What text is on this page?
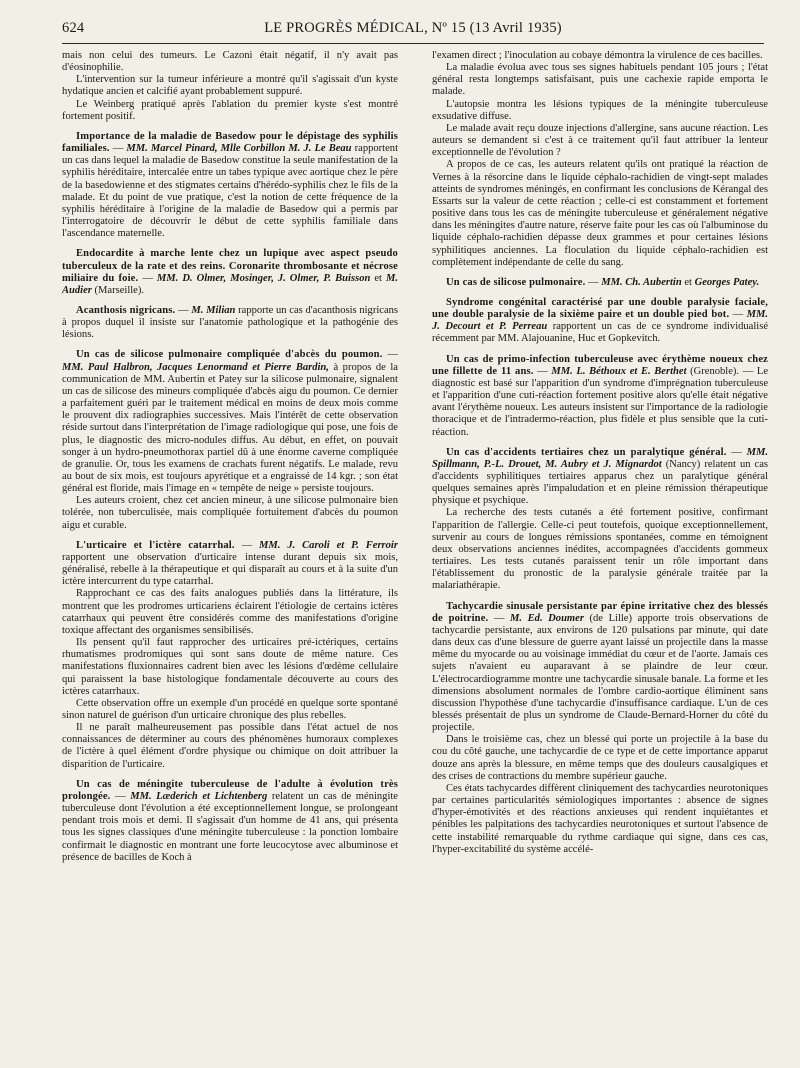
624	LE PROGRÈS MÉDICAL, Nº 15 (13 Avril 1935)

mais non celui des tumeurs. Le Cazoni était négatif, il n'y avait pas d'éosinophilie.

L'intervention sur la tumeur inférieure a montré qu'il s'agissait d'un kyste hydatique ancien et calcifié ayant probablement suppuré.

Le Weinberg pratiqué après l'ablation du premier kyste s'est montré fortement positif.

Importance de la maladie de Basedow pour le dépistage des syphilis familiales. — MM. Marcel Pinard, Mlle Corbillon M. J. Le Beau rapportent un cas dans lequel la maladie de Basedow constitue la seule manifestation de la syphilis héréditaire, intercalée entre un tabes typique avec aortique chez le père de la basedowienne et des stigmates certains d'hérédo-syphilis chez le fils de la malade. Et du point de vue pratique, c'est la notion de cette fréquence de la syphilis héréditaire à l'origine de la maladie de Basedow qui a permis par l'interrogatoire de découvrir le début de cette syphilis familiale dans l'ascendance maternelle.

Endocardite à marche lente chez un lupique avec aspect pseudo tuberculeux de la rate et des reins. Coronarite thrombosante et nécrose miliaire du foie. — MM. D. Olmer, Mosinger, J. Olmer, P. Buisson et M. Audier (Marseille).

Acanthosis nigricans. — M. Milian rapporte un cas d'acanthosis nigricans à propos duquel il insiste sur l'anatomie pathologique et la pathogénie des lésions.

Un cas de silicose pulmonaire compliquée d'abcès du poumon. — MM. Paul Halbron, Jacques Lenormand et Pierre Bardin, à propos de la communication de MM. Aubertin et Patey sur la silicose pulmonaire, signalent un cas de silicose des mineurs compliquée d'abcès aigu du poumon. Ce dernier a parfaitement guéri par le traitement médical en moins de deux mois comme le prouvent dix radiographies successives. Mais l'intérêt de cette observation réside surtout dans l'interprétation de l'image radiologique qui pose, une fois de plus, le diagnostic des micro-nodules diffus. Au début, en effet, on pouvait songer à un hydro-pneumothorax partiel dû à une énorme caverne compliquée de granulie. Or, tous les examens de crachats furent négatifs. Le malade, revu au bout de six mois, est toujours apyrétique et a engraissé de 14 kgr. ; son état général est floride, mais l'image en « tempête de neige » persiste toujours.

Les auteurs croient, chez cet ancien mineur, à une silicose pulmonaire bien tolérée, non tuberculisée, mais compliquée fortuitement d'abcès du poumon aigu et curable.

L'urticaire et l'ictère catarrhal. — MM. J. Caroli et P. Ferroir rapportent une observation d'urticaire intense durant depuis six mois, généralisé, rebelle à la thérapeutique et qui disparaît au cours et à la suite d'un ictère intercurrent du type catarrhal.

Rapprochant ce cas des faits analogues publiés dans la littérature, ils montrent que les prodromes urticariens éclairent l'étiologie de certains ictères catarrhaux qui peuvent être considérés comme des manifestations d'origine toxique affectant des organismes sensibilisés.

Ils pensent qu'il faut rapprocher des urticaires pré-ictériques, certains rhumatismes prodromiques qui sont sans doute de même nature. Ces manifestations fluxionnaires cadrent bien avec les lésions d'œdème cellulaire qui paraissent la base histologique fondamentale découverte au cours des ictères catarrhaux.

Cette observation offre un exemple d'un procédé en quelque sorte spontané sinon naturel de guérison d'un urticaire chronique des plus rebelles.

Il ne paraît malheureusement pas possible dans l'état actuel de nos connaissances de déterminer au cours des phénomènes humoraux complexes de l'ictère à quel élément d'ordre physique ou chimique on doit attribuer la disparition de l'urticaire.

Un cas de méningite tuberculeuse de l'adulte à évolution très prolongée. — MM. Læderich et Lichtenberg relatent un cas de méningite tuberculeuse dont l'évolution a été exceptionnellement longue, se prolongeant pendant trois mois et demi. Il s'agissait d'un homme de 41 ans, qui présenta tous les signes classiques d'une méningite tuberculeuse : la ponction lombaire confirmait le diagnostic en montrant une forte leucocytose avec albuminose et présence de bacilles de Koch à

l'examen direct ; l'inoculation au cobaye démontra la virulence de ces bacilles.

La maladie évolua avec tous ses signes habituels pendant 105 jours ; l'état général resta longtemps satisfaisant, puis une cachexie rapide emporta le malade.

L'autopsie montra les lésions typiques de la méningite tuberculeuse exsudative diffuse.

Le malade avait reçu douze injections d'allergine, sans aucune réaction. Les auteurs se demandent si c'est à ce traitement qu'il faut attribuer la lenteur exceptionnelle de l'évolution ?

A propos de ce cas, les auteurs relatent qu'ils ont pratiqué la réaction de Vernes à la résorcine dans le liquide céphalo-rachidien de vingt-sept malades atteints de syndromes méningés, en confirmant les conclusions de Kérangal des Essarts sur la valeur de cette réaction ; celle-ci est constamment et fortement positive dans tous les cas de méningite tuberculeuse et généralement négative dans les méningites d'autre nature, réserve faite pour les cas où l'albuminose du liquide céphalo-rachidien dépasse deux grammes et pour certaines lésions syphilitiques anciennes. La floculation du liquide céphalo-rachidien est complètement indépendante de celle du sang.

Un cas de silicose pulmonaire. — MM. Ch. Aubertin et Georges Patey.

Syndrome congénital caractérisé par une double paralysie faciale, une double paralysie de la sixième paire et un double pied bot. — MM. J. Decourt et P. Perreau rapportent un cas de ce syndrome individualisé récemment par MM. Alajouanine, Huc et Gopkevitch.

Un cas de primo-infection tuberculeuse avec érythème noueux chez une fillette de 11 ans. — MM. L. Béthoux et E. Berthet (Grenoble). — Le diagnostic est basé sur l'apparition d'un syndrome d'imprégnation tuberculeuse et l'apparition d'une cuti-réaction fortement positive alors qu'elle était négative avant l'érythème noueux. Les auteurs insistent sur l'importance de la radiologie thoracique et de l'intradermo-réaction, plus fidèle et plus sensible que la cuti-réaction.

Un cas d'accidents tertiaires chez un paralytique général. — MM. Spillmann, P.-L. Drouet, M. Aubry et J. Mignardot (Nancy) relatent un cas d'accidents syphilitiques tertiaires apparus chez un paralytique général quelques semaines après l'impaludation et en pleine rémission thérapeutique physique et psychique.

La recherche des tests cutanés a été fortement positive, confirmant l'apparition de l'allergie. Celle-ci peut toutefois, quoique exceptionnellement, survenir au cours de longues rémissions spontanées, comme en témoignent deux observations anciennes inédites, accompagnées d'accidents gommeux tertiaires. Les tests cutanés paraissent tenir un rôle important dans l'établissement du pronostic de la paralysie générale traitée par la malariathérapie.

Tachycardie sinusale persistante par épine irritative chez des blessés de poitrine. — M. Ed. Doumer (de Lille) apporte trois observations de tachycardie persistante, aux environs de 120 pulsations par minute, qui date dans deux cas d'une blessure de guerre ayant laissé un projectile dans la masse même du myocarde ou au voisinage immédiat du cœur et de l'aorte. Jamais ces sujets n'avaient eu auparavant à se plaindre de leur cœur. L'électrocardiogramme montre une tachycardie sinusale banale. La forme et les dimensions absolument normales de l'ombre cardio-aortique éliminent sans discussion l'hypothèse d'une tachycardie d'insuffisance cardiaque. L'un de ces blessés présentait de plus un syndrome de Claude-Bernard-Horner du côté du projectile.

Dans le troisième cas, chez un blessé qui porte un projectile à la base du cou du côté gauche, une tachycardie de ce type et de cette importance apparut douze ans après la blessure, en même temps que des douleurs causalgiques et des crises de contractions du membre supérieur gauche.

Ces états tachycardes diffèrent cliniquement des tachycardies neurotoniques par certaines particularités sémiologiques importantes : absence de signes d'hyper-émotivités et des réactions anxieuses qui rendent inquiétantes et pénibles les palpitations des tachycardies neurotoniques et surtout l'absence de cette instabilité remarquable du rythme cardiaque qui signe, dans ces cas, l'hyper-excitabilité du système accélé-
